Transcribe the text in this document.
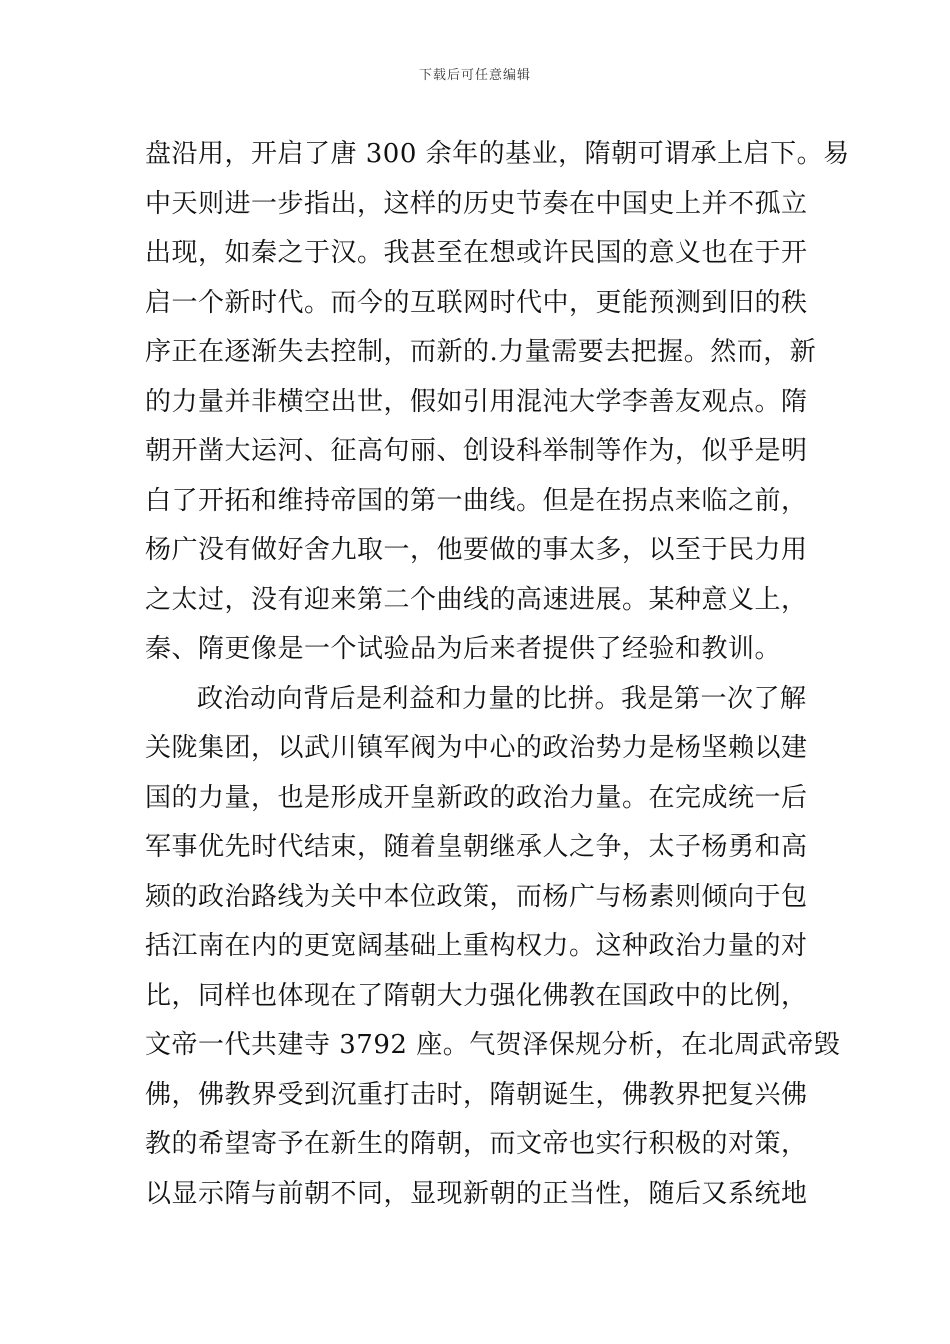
下载后可任意编辑
盘沿用，开启了唐 300 余年的基业，隋朝可谓承上启下。易
中天则进一步指出，这样的历史节奏在中国史上并不孤立
出现，如秦之于汉。我甚至在想或许民国的意义也在于开
启一个新时代。而今的互联网时代中，更能预测到旧的秩
序正在逐渐失去控制，而新的.力量需要去把握。然而，新
的力量并非横空出世，假如引用混沌大学李善友观点。隋
朝开凿大运河、征高句丽、创设科举制等作为，似乎是明
白了开拓和维持帝国的第一曲线。但是在拐点来临之前，
杨广没有做好舍九取一，他要做的事太多，以至于民力用
之太过，没有迎来第二个曲线的高速进展。某种意义上，
秦、隋更像是一个试验品为后来者提供了经验和教训。
政治动向背后是利益和力量的比拼。我是第一次了解
关陇集团，以武川镇军阀为中心的政治势力是杨坚赖以建
国的力量，也是形成开皇新政的政治力量。在完成统一后
军事优先时代结束，随着皇朝继承人之争，太子杨勇和高
颎的政治路线为关中本位政策，而杨广与杨素则倾向于包
括江南在内的更宽阔基础上重构权力。这种政治力量的对
比，同样也体现在了隋朝大力强化佛教在国政中的比例，
文帝一代共建寺 3792 座。气贺泽保规分析，在北周武帝毁
佛，佛教界受到沉重打击时，隋朝诞生，佛教界把复兴佛
教的希望寄予在新生的隋朝，而文帝也实行积极的对策，
以显示隋与前朝不同，显现新朝的正当性，随后又系统地
